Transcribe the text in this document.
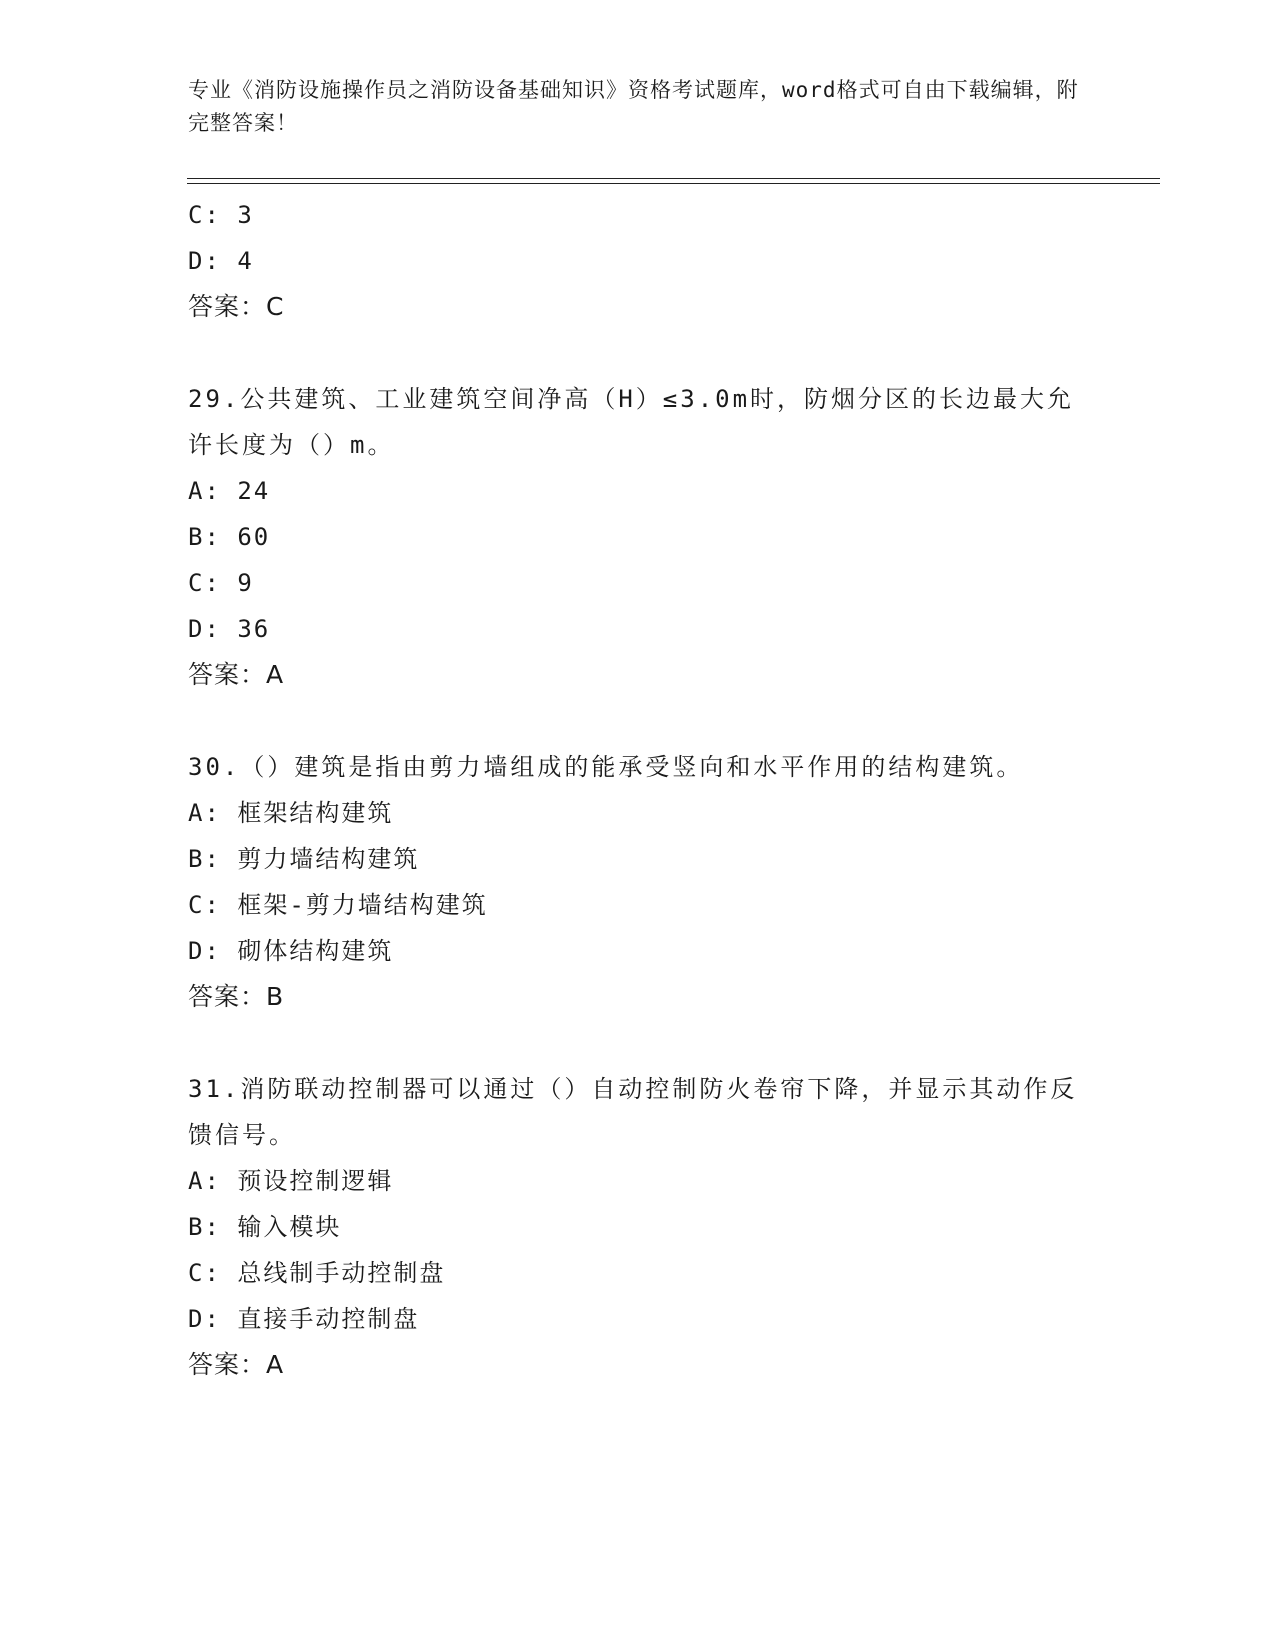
专业《消防设施操作员之消防设备基础知识》资格考试题库，word格式可自由下载编辑，附完整答案！
C: 3
D: 4
答案：C
29.公共建筑、工业建筑空间净高（H）≤3.0m时，防烟分区的长边最大允许长度为（）m。
A: 24
B: 60
C: 9
D: 36
答案：A
30.（）建筑是指由剪力墙组成的能承受竖向和水平作用的结构建筑。
A: 框架结构建筑
B: 剪力墙结构建筑
C: 框架-剪力墙结构建筑
D: 砌体结构建筑
答案：B
31.消防联动控制器可以通过（）自动控制防火卷帘下降，并显示其动作反馈信号。
A: 预设控制逻辑
B: 输入模块
C: 总线制手动控制盘
D: 直接手动控制盘
答案：A
